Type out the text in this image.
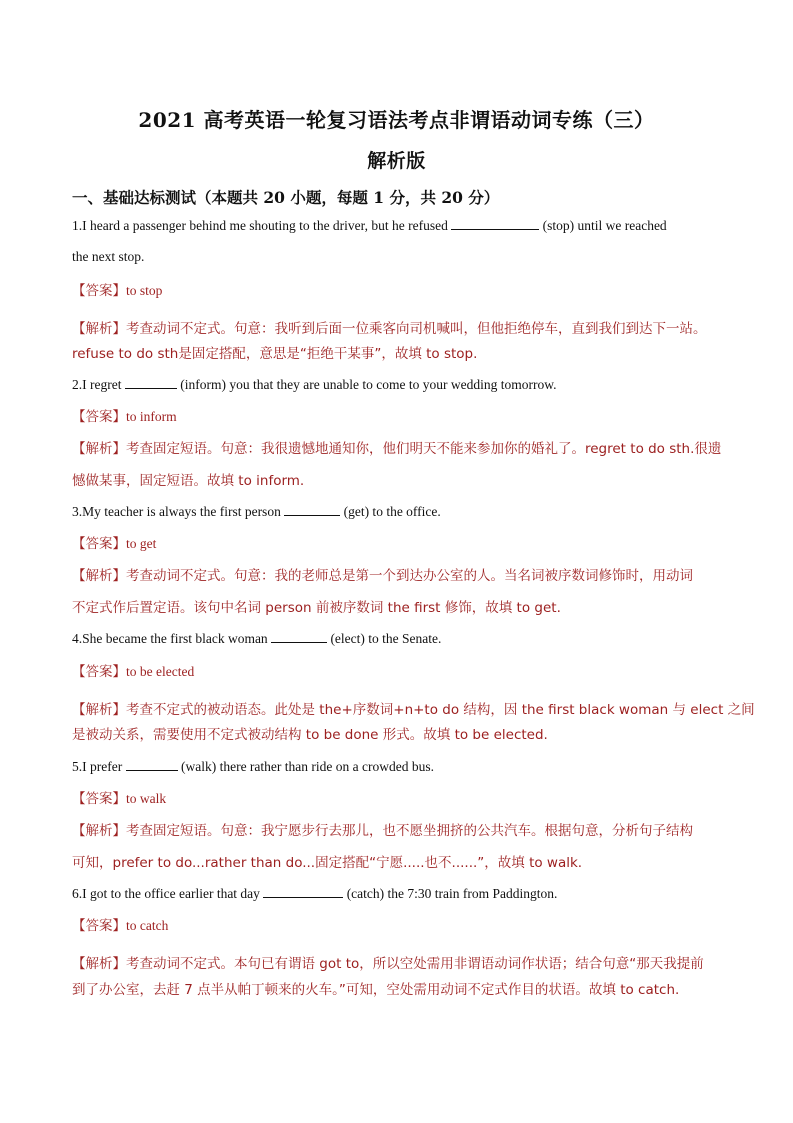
2021 高考英语一轮复习语法考点非谓语动词专练（三）
解析版
一、基础达标测试（本题共 20 小题，每题 1 分，共 20 分）
1.I heard a passenger behind me shouting to the driver, but he refused	(stop) until we reached
the next stop.
【答案】to stop
【解析】考查动词不定式。句意：我听到后面一位乘客向司机喊叫，但他拒绝停车，直到我们到达下一站。
refuse to do sth是固定搭配，意思是“拒绝干某事”，故填 to stop.
2.I regret	(inform) you that they are unable to come to your wedding tomorrow.
【答案】to inform
【解析】考查固定短语。句意：我很遗憾地通知你，他们明天不能来参加你的婚礼了。regret to do sth.很遗
憾做某事，固定短语。故填 to inform.
3.My teacher is always the first person	(get) to the office.
【答案】to get
【解析】考查动词不定式。句意：我的老师总是第一个到达办公室的人。当名词被序数词修饰时，用动词
不定式作后置定语。该句中名词 person 前被序数词 the first 修饰，故填 to get.
4.She became the first black woman	(elect) to the Senate.
【答案】to be elected
【解析】考查不定式的被动语态。此处是 the+序数词+n+to do 结构，因 the first black woman 与 elect 之间
是被动关系，需要使用不定式被动结构 to be done 形式。故填 to be elected.
5.I prefer	(walk) there rather than ride on a crowded bus.
【答案】to walk
【解析】考查固定短语。句意：我宁愿步行去那儿，也不愿坐拥挤的公共汽车。根据句意，分析句子结构
可知，prefer to do...rather than do...固定搭配“宁愿.....也不......”，故填 to walk.
6.I got to the office earlier that day	(catch) the 7:30 train from Paddington.
【答案】to catch
【解析】考查动词不定式。本句已有谓语 got to，所以空处需用非谓语动词作状语；结合句意“那天我提前
到了办公室，去赶 7 点半从帕丁顿来的火车。”可知，空处需用动词不定式作目的状语。故填 to catch.
